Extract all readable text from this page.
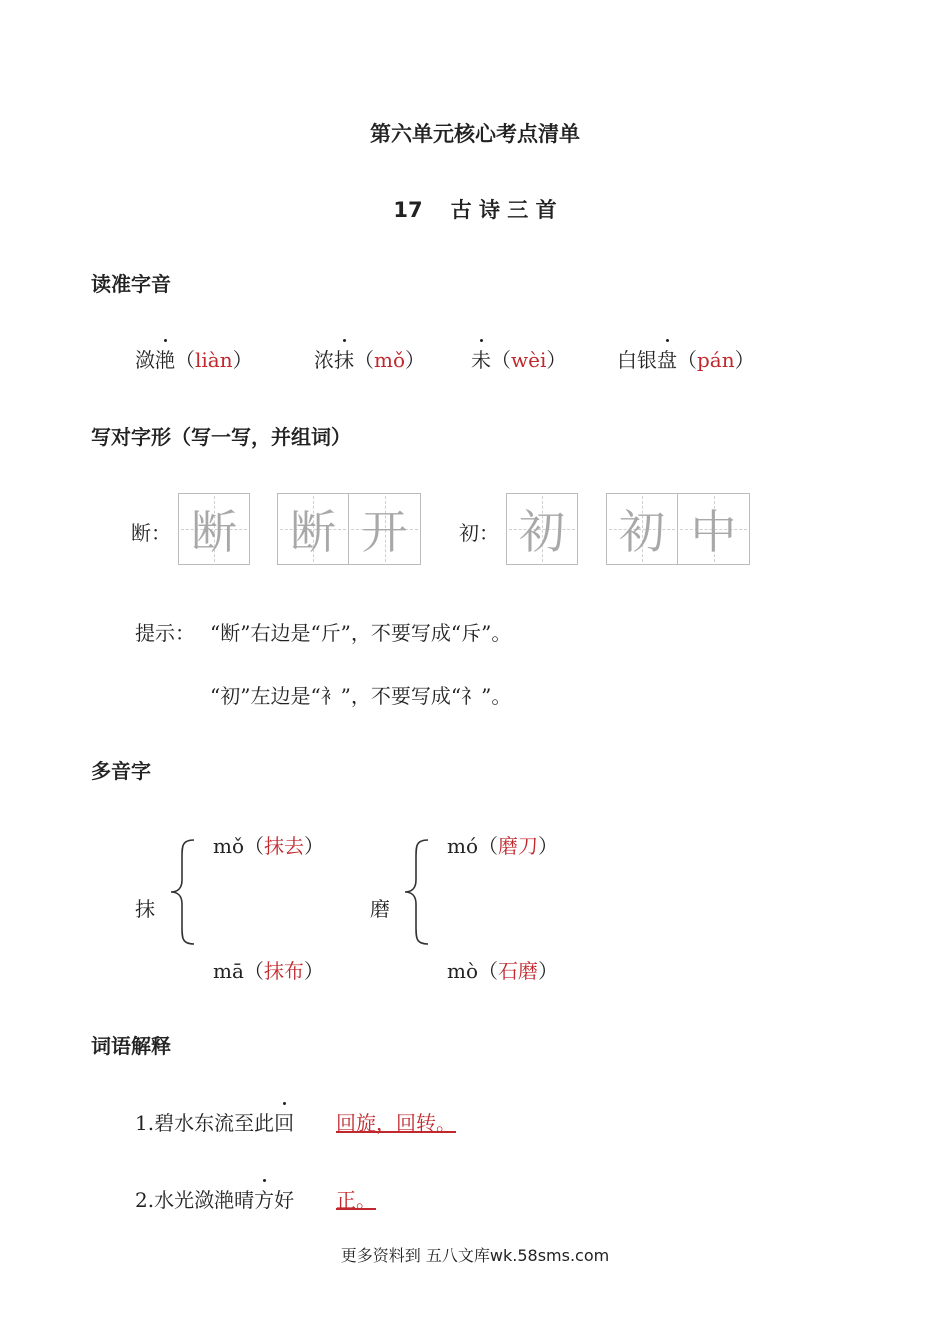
第六单元核心考点清单
17 古 诗 三 首
读准字音
潋滟（liàn）	浓抹（mǒ） 未（wèi）	白银盘（pán）
写对字形（写一写，并组词）
断： 断 断 开	初： 初 初 中
提示： “断”右边是“斤”，不要写成“斥”。
“初”左边是“衤”，不要写成“礻”。
多音字
抹
mǒ（抹去）
mā（抹布）
磨
mó（磨刀）
mò（石磨）
词语解释
1.碧水东流至此回 回旋，回转。
2.水光潋滟晴方好 正。
更多资料到 五八文库wk.58sms.com
